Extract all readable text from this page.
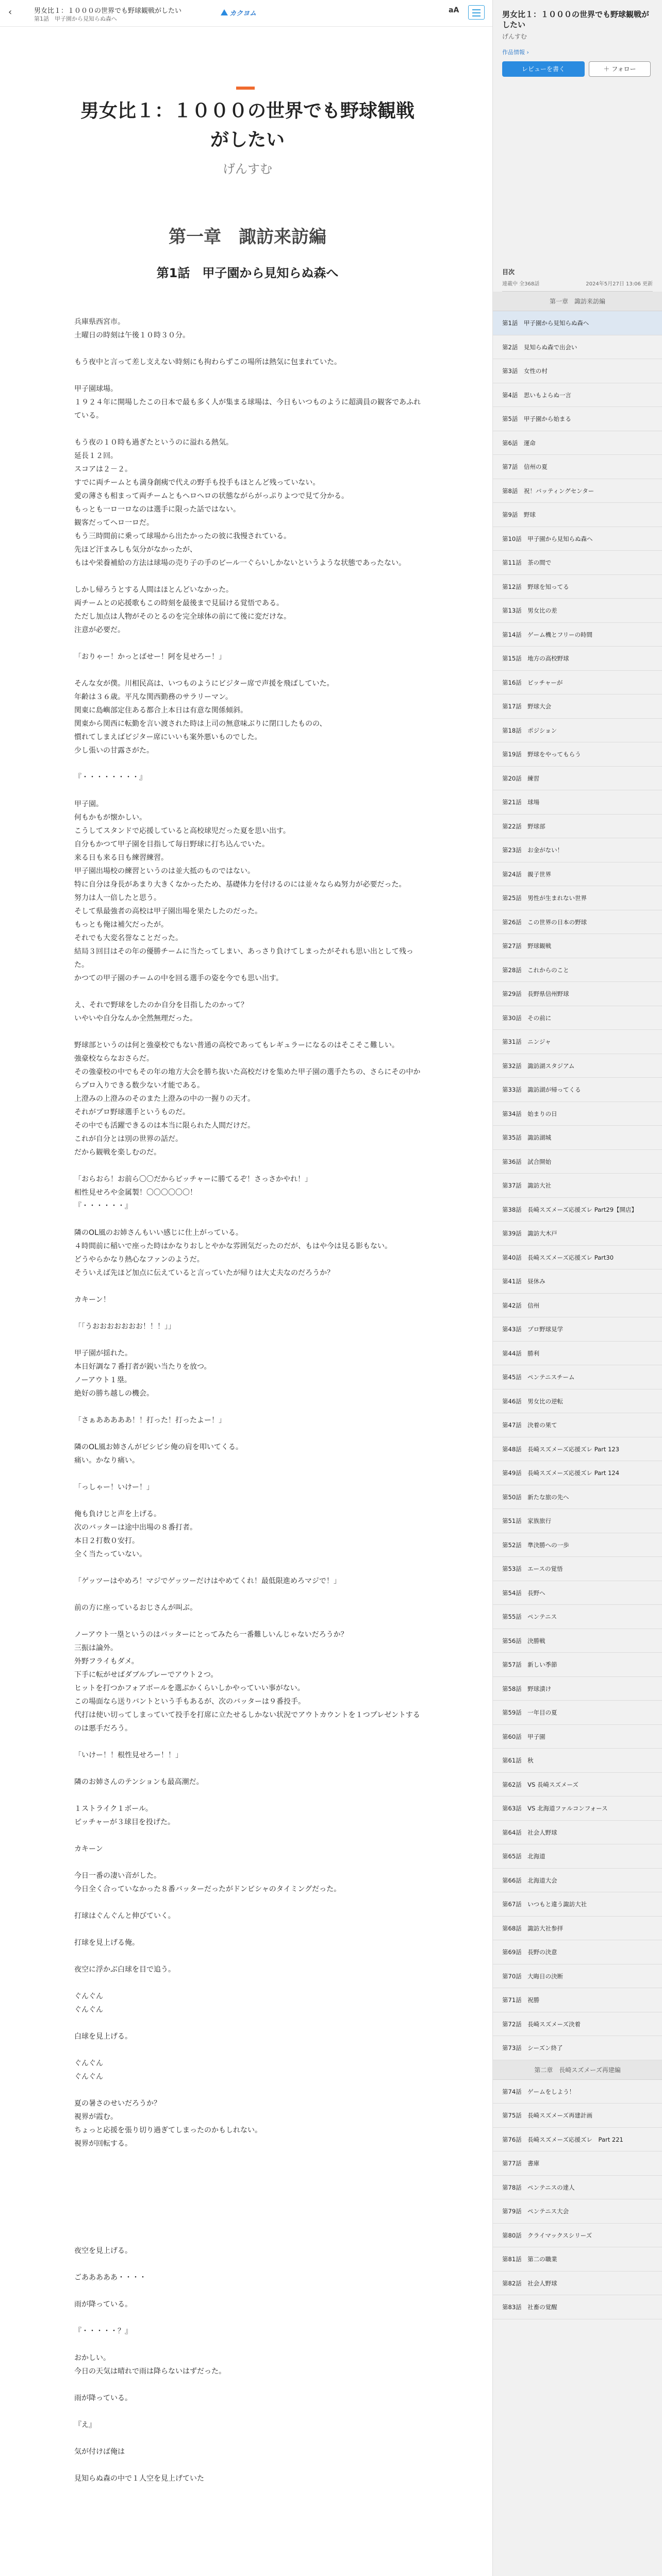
‹	男女比１：１０００の世界でも野球観戦がしたい
第1話　甲子園から見知らぬ森へ
カクヨム	aA
男女比１：１０００の世界でも野球観戦がしたい
げんすむ
第一章　諏訪来訪編
第1話　甲子園から見知らぬ森へ
兵庫県西宮市。
土曜日の時刻は午後１０時３０分。

もう夜中と言って差し支えない時刻にも拘わらずこの場所は熱気に包まれていた。

甲子園球場。
１９２４年に開場したこの日本で最も多く人が集まる球場は、今日もいつものように超満員の観客であふれている。

もう夜の１０時も過ぎたというのに溢れる熱気。
延長１２回。
スコアは２－２。
すでに両チームとも満身創痍で代えの野手も投手もほとんど残っていない。
愛の薄さも相まって両チームともへロへロの状態ながらがっぷりよつで見て分かる。
もっとも一ロ一ロなのは選手に限った話ではない。
観客だってへロ一ロだ。
もう三時間前に乗って球場から出たかったの彼に我慢されている。
先ほど汗まみしも気分がなかったが、
もはや栄養補給の方法は球場の売り子の手のビール一ぐらいしかないというような状態であったない。

しかし帰ろうとする人間はほとんどいなかった。
両チームとの応援歌もこの時刻を最後まで見届ける覚悟である。
ただし加点は人物がそのとるのを完全球体の前にて後に変だけな。
注意が必要だ。

「おりゃー！かっとばせー！阿を見せろー！」

そんな女が僕。川相民高は、いつものようにビジター席で声援を飛ばしていた。
年齢は３６歳。平凡な関西勤務のサラリーマン。
関東に島嶼部定住ある都合上本日は有意な関係傾斜。
関東から関西に転勤を言い渡された時は上司の無意味ぶりに閉口したものの、
慣れてしまえばビジター席にいいも案外悪いものでした。
少し張いの甘露さがた。

『・・・・・・・・』

甲子園。
何もかもが懐かしい。
こうしてスタンドで応援していると高校球児だった夏を思い出す。
自分もかつて甲子園を目指して毎日野球に打ち込んでいた。
来る日も来る日も練習練習。
甲子園出場校の練習というのは並大抵のものではない。
特に自分は身長があまり大きくなかったため、基礎体力を付けるのには並々ならぬ努力が必要だった。
努力は人一倍したと思う。
そして県最強者の高校は甲子園出場を果たしたのだった。
もっとも俺は補欠だったが。
それでも大変名誉なことだった。
結局３回目はその年の優勝チームに当たってしまい、あっさり負けてしまったがそれも思い出として残った。
かつての甲子園のチームの中を回る選手の姿を今でも思い出す。

え、それで野球をしたのか自分を目指したのかって？
いやいや自分なんか全然無理だった。

野球部というのは何と強豪校でもない普通の高校であってもレギュラーになるのはそこそこ難しい。
強豪校ならなおさらだ。
その強豪校の中でもその年の地方大会を勝ち抜いた高校だけを集めた甲子園の選手たちの、さらにその中からプロ入りできる数少ない才能である。
上澄みの上澄みのそのまた上澄みの中の一握りの天才。
それがプロ野球選手というものだ。
その中でも活躍できるのは本当に限られた人間だけだ。
これが自分とは別の世界の話だ。
だから観戦を楽しむのだ。

「おらおら！お前ら〇〇だからピッチャーに勝てるぞ！さっさかやれ！」
相性見せろや金属製！〇〇〇〇〇〇！
『・・・・・・』

隣のOL風のお姉さんもいい感じに仕上がっている。
４時間前に稲いで座った時はかなりおしとやかな雰囲気だったのだが、もはや今は見る影もない。
どうやらかなり熱心なファンのようだ。
そういえば先ほど加点に伝えていると言っていたが帰りは大丈夫なのだろうか？

カキーン！

「「うおおおおおおお！！！」」

甲子園が揺れた。
本日好調な７番打者が鋭い当たりを放つ。
ノーアウト１塁。
絶好の勝ち越しの機会。

「さぁあああああ！！打った！打ったよー！」

隣のOL風お姉さんがビシビシ俺の肩を叩いてくる。
痛い。かなり痛い。

「っしゃー！いけー！」

俺も負けじと声を上げる。
次のバッターは途中出場の８番打者。
本日２打数０安打。
全く当たっていない。

「ゲッツーはやめろ！マジでゲッツーだけはやめてくれ！最低限進めろマジで！」

前の方に座っているおじさんが叫ぶ。

ノーアウト一塁というのはバッターにとってみたら一番難しいんじゃないだろうか？
三振は論外。
外野フライもダメ。
下手に転がせばダブルプレーでアウト２つ。
ヒットを打つかフォアボールを選ぶかくらいしかやっていい事がない。
この場面なら送りバントという手もあるが、次のバッターは９番投手。
代打は使い切ってしまっていて投手を打席に立たせるしかない状況でアウトカウントを１つプレゼントするのは悪手だろう。

「いけー！！根性見せろー！！」

隣のお姉さんのテンションも最高潮だ。

１ストライク１ボール。
ピッチャーが３球目を投げた。

カキーン

今日一番の凄い音がした。
今日全く合っていなかった８番バッターだったがドンピシャのタイミングだった。

打球はぐんぐんと伸びていく。

打球を見上げる俺。

夜空に浮かぶ白球を目で追う。

ぐんぐん
ぐんぐん

白球を見上げる。

ぐんぐん
ぐんぐん

夏の暑さのせいだろうか？
視界が霞む。
ちょっと応援を張り切り過ぎてしまったのかもしれない。
視界が回転する。

夜空を見上げる。

ごあああああ・・・・

雨が降っている。

『・・・・・？』

おかしい。
今日の天気は晴れで雨は降らないはずだった。

雨が降っている。

『え』

気が付けば俺は

見知らぬ森の中で１人空を見上げていた
男女比１：１０００の世界でも野球観戦がしたい
げんすむ
作品情報 ›
レビューを書く	＋ フォロー
目次
連載中 全368話	2024年5月27日 13:06 更新
第一章　諏訪来訪編
第1話　甲子園から見知らぬ森へ
第2話　見知らぬ森で出会い
第3話　女性の村
第4話　思いもよらぬ一言
第5話　甲子園から始まる
第6話　運命
第7話　信州の夏
第8話　祝！バッティングセンター
第9話　野球
第10話　甲子園から見知らぬ森へ
第11話　茶の間で
第12話　野球を知ってる
第13話　男女比の差
第14話　ゲーム機とフリーの時間
第15話　地方の高校野球
第16話　ビッチャーが
第17話　野球大会
第18話　ポジション
第19話　野球をやってもらう
第20話　練習
第21話　球場
第22話　野球部
第23話　お金がない！
第24話　親子世界
第25話　男性が生まれない世界
第26話　この世界の日本の野球
第27話　野球観戦
第28話　これからのこと
第29話　長野県信州野球
第30話　その前に
第31話　ニンジャ
第32話　諏訪湖スタジアム
第33話　諏訪湖が帰ってくる
第34話　始まりの日
第35話　諏訪湖城
第36話　試合開始
第37話　諏訪大社
第38話　長崎スズメーズ応援ズレ Part29【開店】
第39話　諏訪大木戸
第40話　長崎スズメーズ応援ズレ Part30
第41話　昼休み
第42話　信州
第43話　プロ野球見学
第44話　勝利
第45話　ペンテニスチーム
第46話　男女比の逆転
第47話　決着の果て
第48話　長崎スズメーズ応援ズレ Part 123
第49話　長崎スズメーズ応援ズレ Part 124
第50話　新たな旅の先へ
第51話　家族旅行
第52話　準決勝への一歩
第53話　エースの覚悟
第54話　長野へ
第55話　ペンテニス
第56話　決勝戦
第57話　新しい季節
第58話　野球漬け
第59話　一年目の夏
第60話　甲子園
第61話　秋
第62話　VS 長崎スズメーズ
第63話　VS 北海道ファルコンフォース
第64話　社会人野球
第65話　北海道
第66話　北海道大会
第67話　いつもと違う諏訪大社
第68話　諏訪大社参拝
第69話　長野の決意
第70話　大晦日の決断
第71話　祝勝
第72話　長崎スズメーズ決着
第73話　シーズン終了
第二章　長崎スズメーズ再建編
第74話　ゲームをしよう！
第75話　長崎スズメーズ再建計画
第76話　長崎スズメーズ応援ズレ　Part 221
第77話　書庫
第78話　ペンテニスの達人
第79話　ペンテニス大会
第80話　クライマックスシリーズ
第81話　第二の職業
第82話　社会人野球
第83話　社畜の覚醒
